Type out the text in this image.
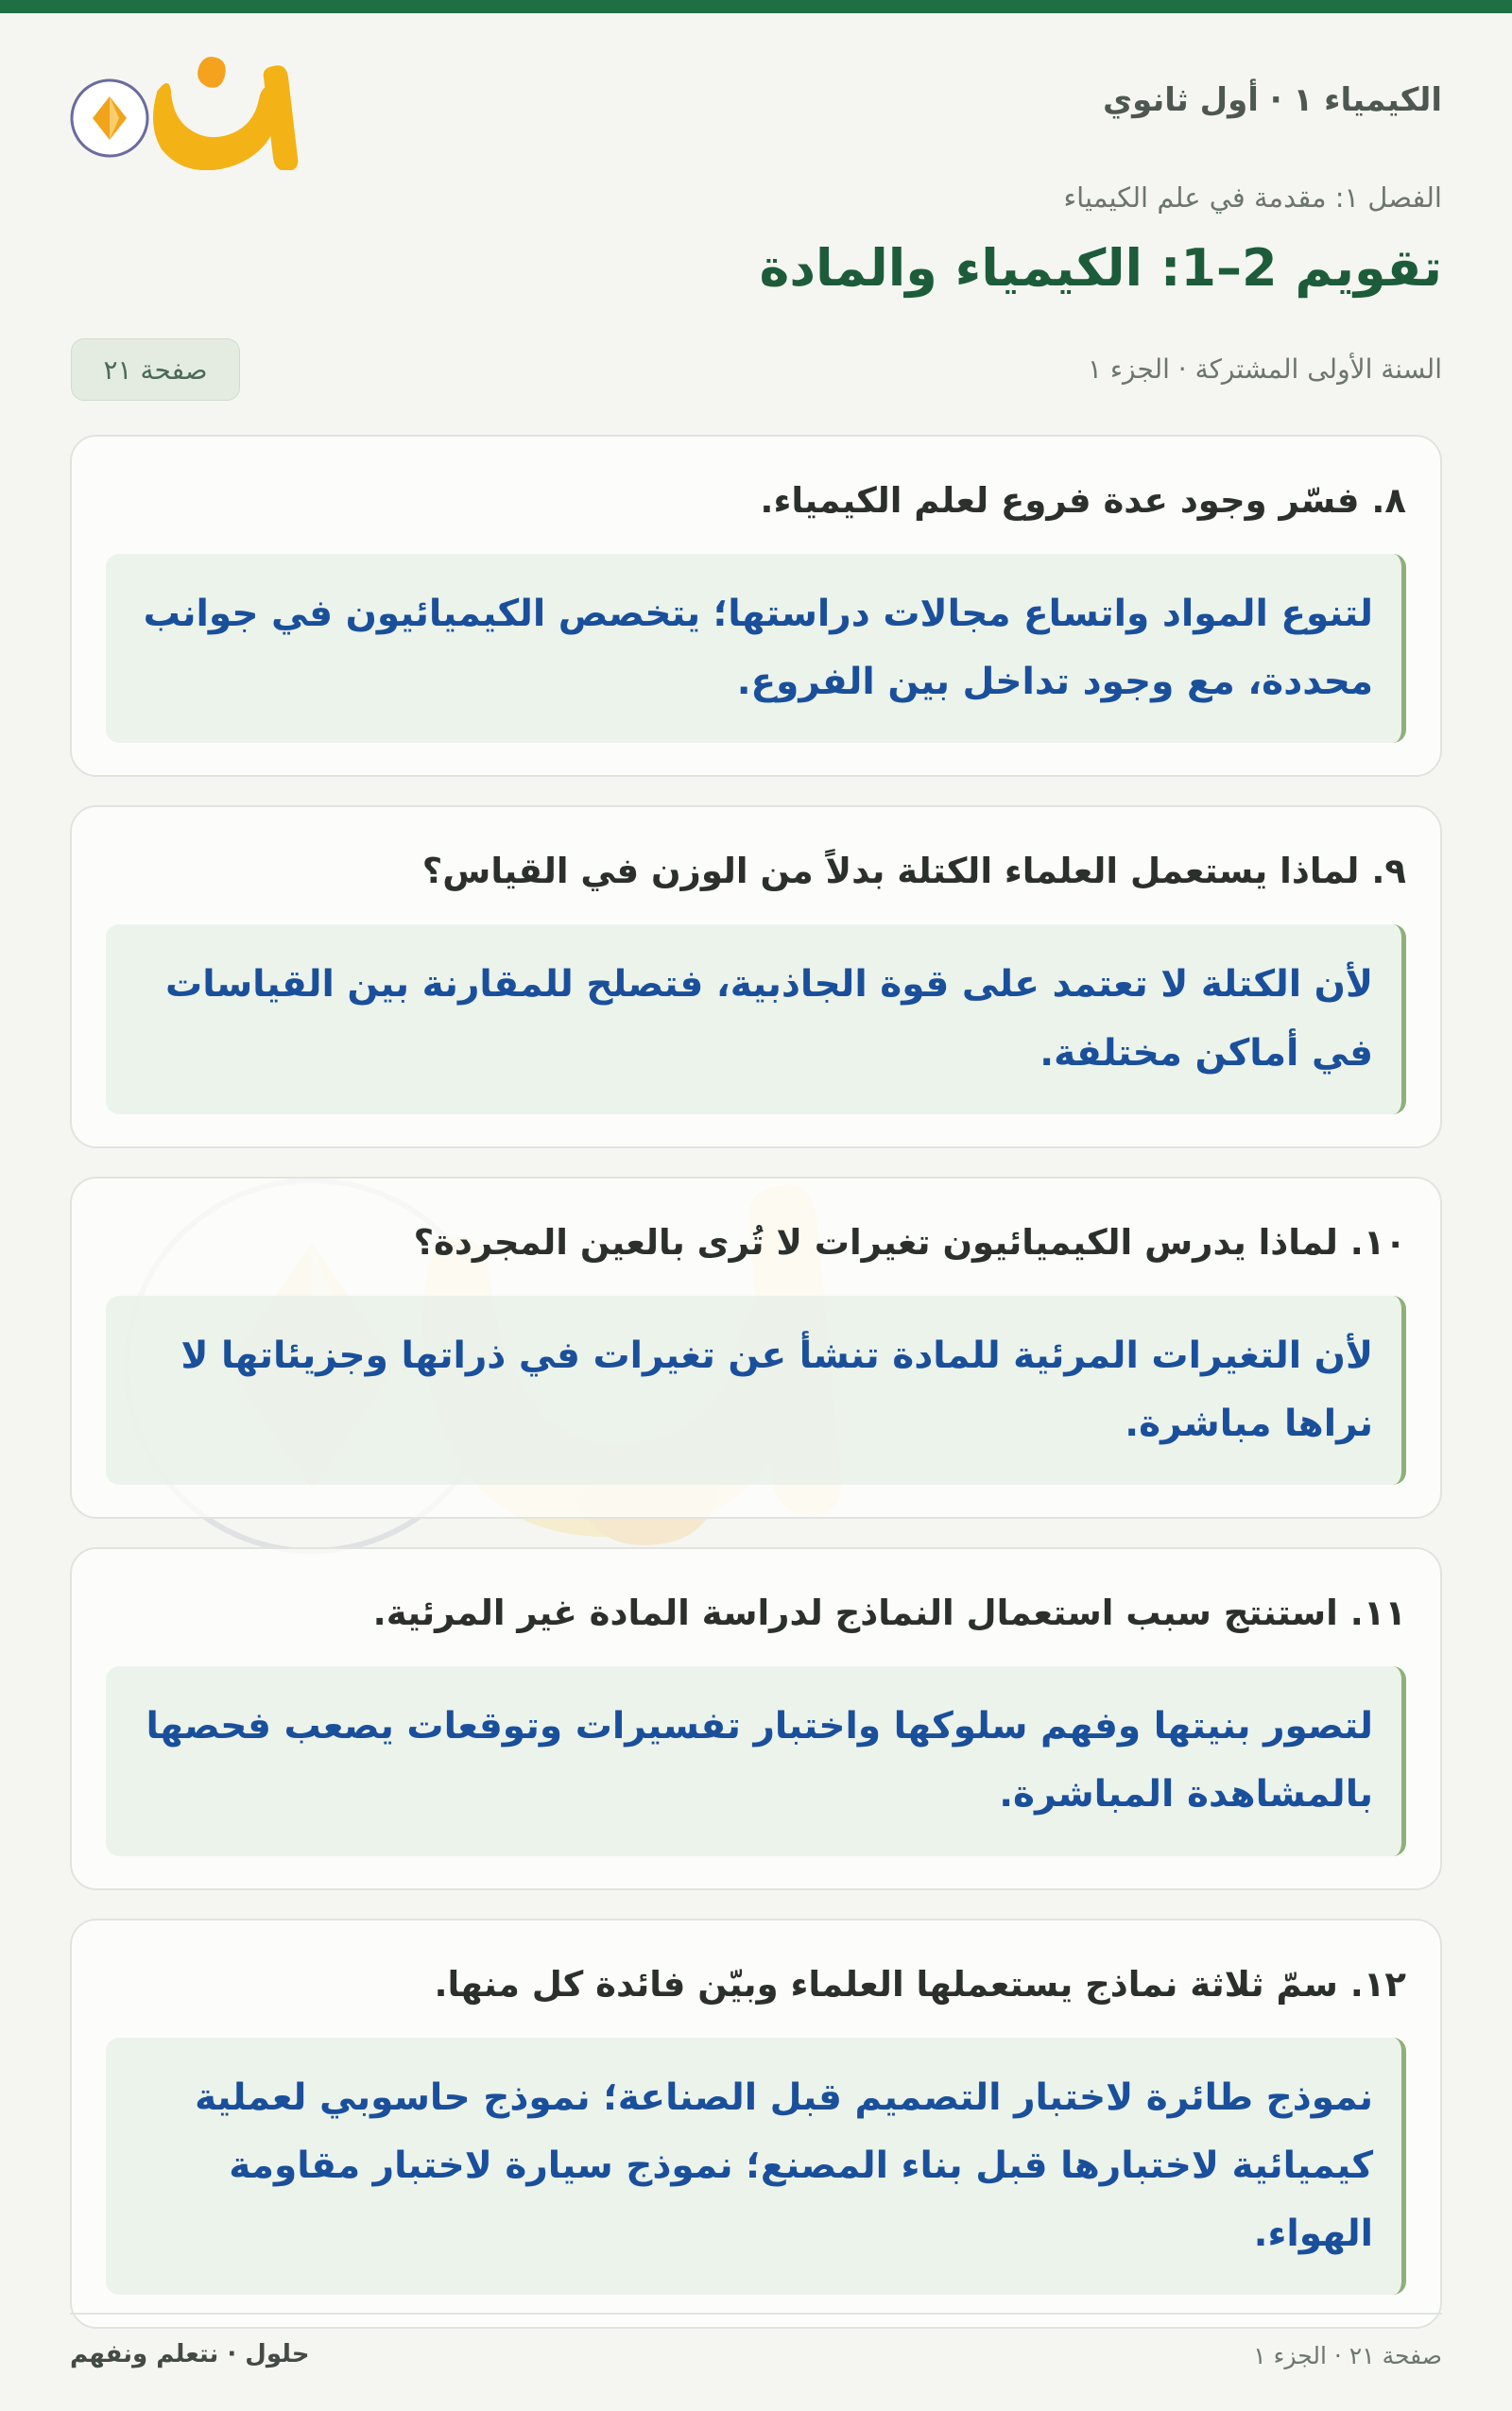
الكيمياء ١ · أول ثانوي
الفصل ١: مقدمة في علم الكيمياء
تقويم 2–1: الكيمياء والمادة
السنة الأولى المشتركة · الجزء ١
صفحة ٢١
٨. فسّر وجود عدة فروع لعلم الكيمياء.
لتنوع المواد واتساع مجالات دراستها؛ يتخصص الكيميائيون في جوانب محددة، مع وجود تداخل بين الفروع.
٩. لماذا يستعمل العلماء الكتلة بدلاً من الوزن في القياس؟
لأن الكتلة لا تعتمد على قوة الجاذبية، فتصلح للمقارنة بين القياسات في أماكن مختلفة.
١٠. لماذا يدرس الكيميائيون تغيرات لا تُرى بالعين المجردة؟
لأن التغيرات المرئية للمادة تنشأ عن تغيرات في ذراتها وجزيئاتها لا نراها مباشرة.
١١. استنتج سبب استعمال النماذج لدراسة المادة غير المرئية.
لتصور بنيتها وفهم سلوكها واختبار تفسيرات وتوقعات يصعب فحصها بالمشاهدة المباشرة.
١٢. سمّ ثلاثة نماذج يستعملها العلماء وبيّن فائدة كل منها.
نموذج طائرة لاختبار التصميم قبل الصناعة؛ نموذج حاسوبي لعملية كيميائية لاختبارها قبل بناء المصنع؛ نموذج سيارة لاختبار مقاومة الهواء.
صفحة ٢١ · الجزء ١
حلول · نتعلم ونفهم
